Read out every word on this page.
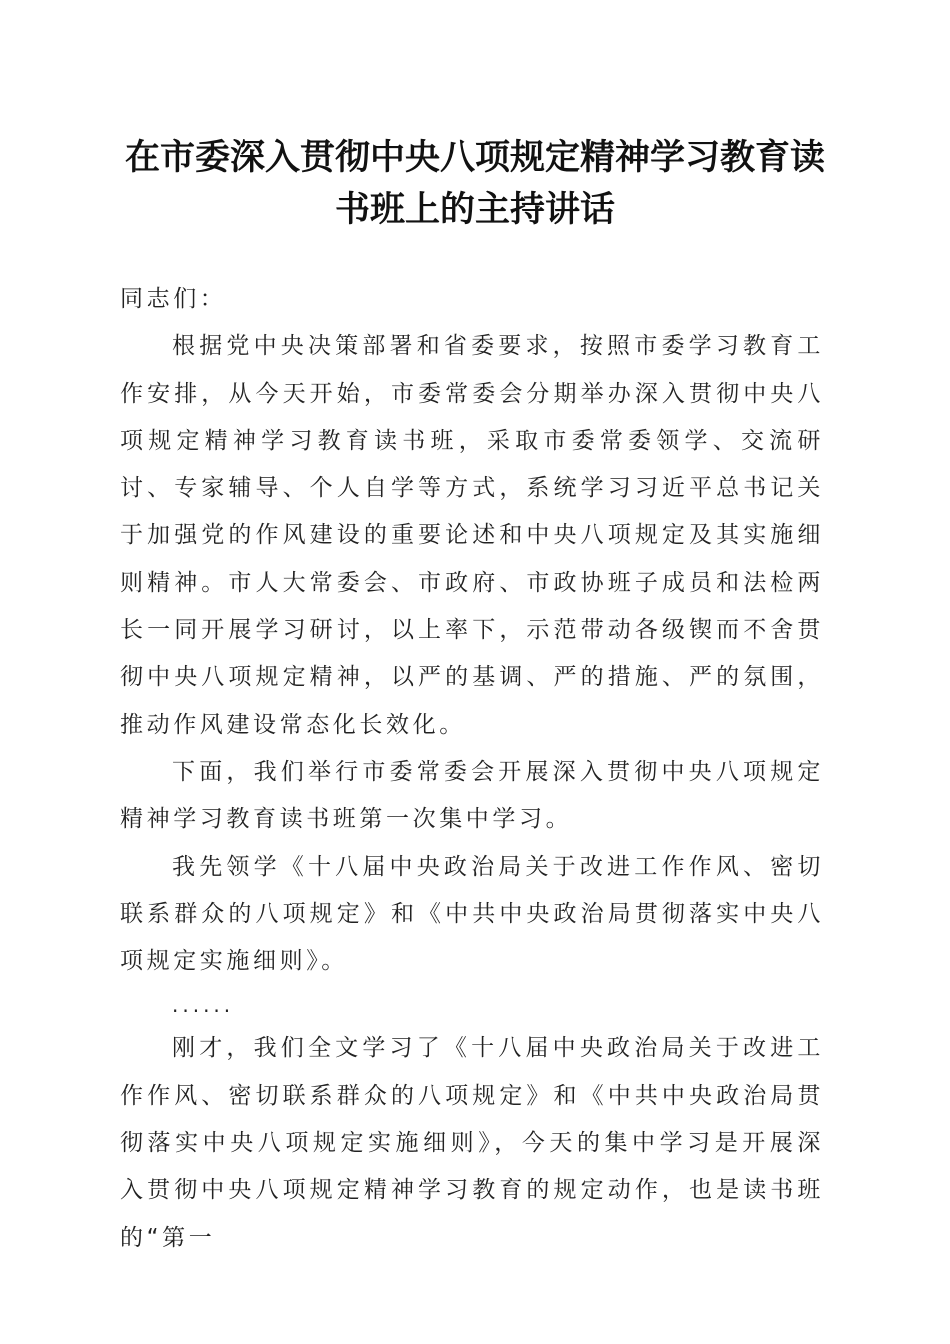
在市委深入贯彻中央八项规定精神学习教育读
书班上的主持讲话

同志们：

根据党中央决策部署和省委要求，按照市委学习教育工作安排，从今天开始，市委常委会分期举办深入贯彻中央八项规定精神学习教育读书班，采取市委常委领学、交流研讨、专家辅导、个人自学等方式，系统学习习近平总书记关于加强党的作风建设的重要论述和中央八项规定及其实施细则精神。市人大常委会、市政府、市政协班子成员和法检两长一同开展学习研讨，以上率下，示范带动各级锲而不舍贯彻中央八项规定精神，以严的基调、严的措施、严的氛围，推动作风建设常态化长效化。

下面，我们举行市委常委会开展深入贯彻中央八项规定精神学习教育读书班第一次集中学习。

我先领学《十八届中央政治局关于改进工作作风、密切联系群众的八项规定》和《中共中央政治局贯彻落实中央八项规定实施细则》。

......

刚才，我们全文学习了《十八届中央政治局关于改进工作作风、密切联系群众的八项规定》和《中共中央政治局贯彻落实中央八项规定实施细则》，今天的集中学习是开展深入贯彻中央八项规定精神学习教育的规定动作，也是读书班的“第一
